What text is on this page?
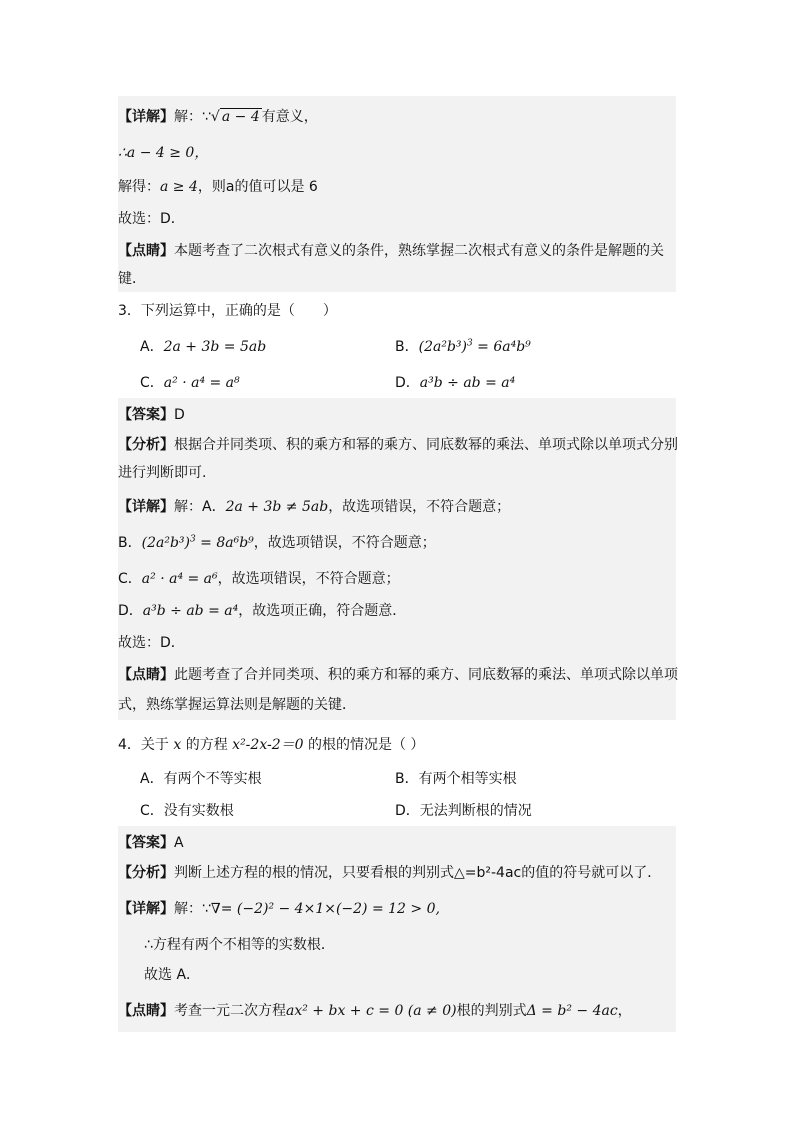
【详解】解：∵√ a − 4 有意义，
∴a − 4 ≥ 0，
解得：a ≥ 4，则a的值可以是 6
故选：D．
【点睛】本题考查了二次根式有意义的条件，熟练掌握二次根式有意义的条件是解题的关
键．
3．下列运算中，正确的是（　　）
A．2a + 3b = 5ab	B．$(2a^2b^3)^3 = 6a^4b^9$
C．a² · a⁴ = a⁸	D．a³b ÷ ab = a⁴
【答案】D
【分析】根据合并同类项、积的乘方和幂的乘方、同底数幂的乘法、单项式除以单项式分别
进行判断即可.
【详解】解：A．2a + 3b ≠ 5ab，故选项错误，不符合题意；
B．$(2a^2b^3)^3 = 8a^6b^9$，故选项错误，不符合题意；
C．a² · a⁴ = a⁶，故选项错误，不符合题意；
D．a³b ÷ ab = a⁴，故选项正确，符合题意．
故选：D．
【点睛】此题考查了合并同类项、积的乘方和幂的乘方、同底数幂的乘法、单项式除以单项
式，熟练掌握运算法则是解题的关键．
4．关于 x 的方程 x²-2x-2＝0 的根的情况是（ ）
A．有两个不等实根	B．有两个相等实根
C．没有实数根	D．无法判断根的情况
【答案】A
【分析】判断上述方程的根的情况，只要看根的判别式△=b²-4ac的值的符号就可以了．
【详解】解：∵∇= (−2)² − 4×1×(−2) = 12 > 0,
∴方程有两个不相等的实数根．
故选 A．
【点睛】考查一元二次方程ax² + bx + c = 0 (a ≠ 0)根的判别式Δ = b² − 4ac，
